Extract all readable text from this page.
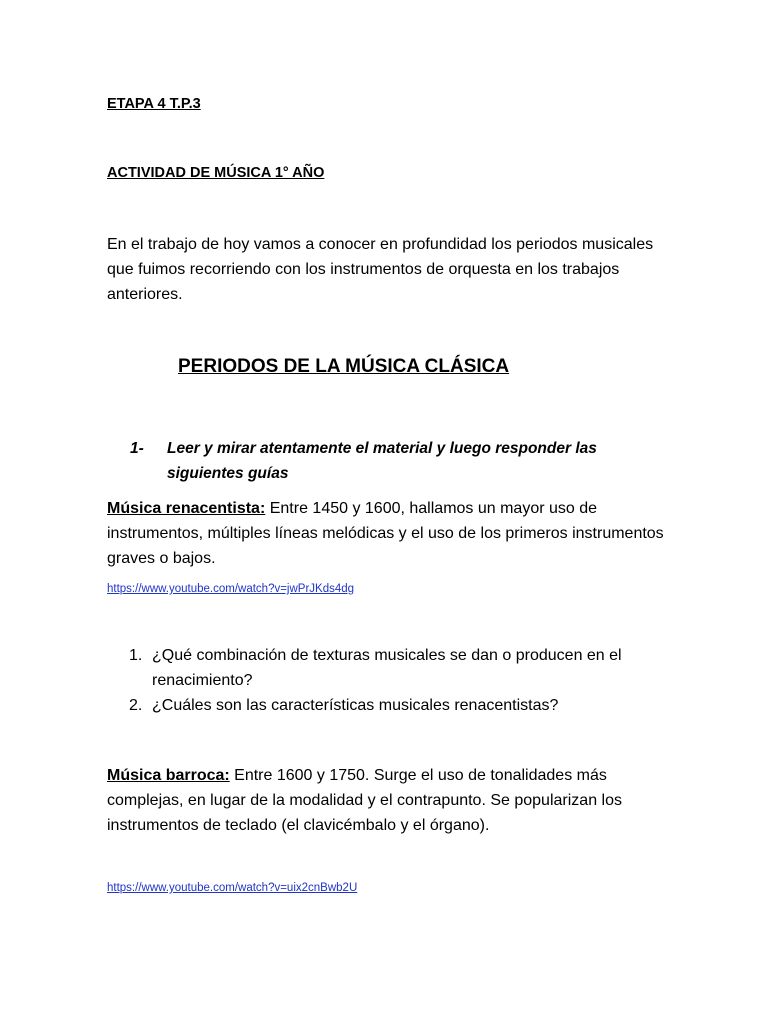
ETAPA 4 T.P.3

ACTIVIDAD DE MÚSICA 1° AÑO

En el trabajo de hoy vamos a conocer en profundidad los periodos musicales que fuimos recorriendo con los instrumentos de orquesta en los trabajos anteriores.

PERIODOS DE LA MÚSICA CLÁSICA

1-	Leer y mirar atentamente el material y luego responder las siguientes guías

Música renacentista: Entre 1450 y 1600, hallamos un mayor uso de instrumentos, múltiples líneas melódicas y el uso de los primeros instrumentos graves o bajos.

https://www.youtube.com/watch?v=jwPrJKds4dg
1. ¿Qué combinación de texturas musicales se dan o producen en el renacimiento?
2. ¿Cuáles son las características musicales renacentistas?

Música barroca: Entre 1600 y 1750. Surge el uso de tonalidades más complejas, en lugar de la modalidad y el contrapunto. Se popularizan los instrumentos de teclado (el clavicémbalo y el órgano).

https://www.youtube.com/watch?v=uix2cnBwb2U
